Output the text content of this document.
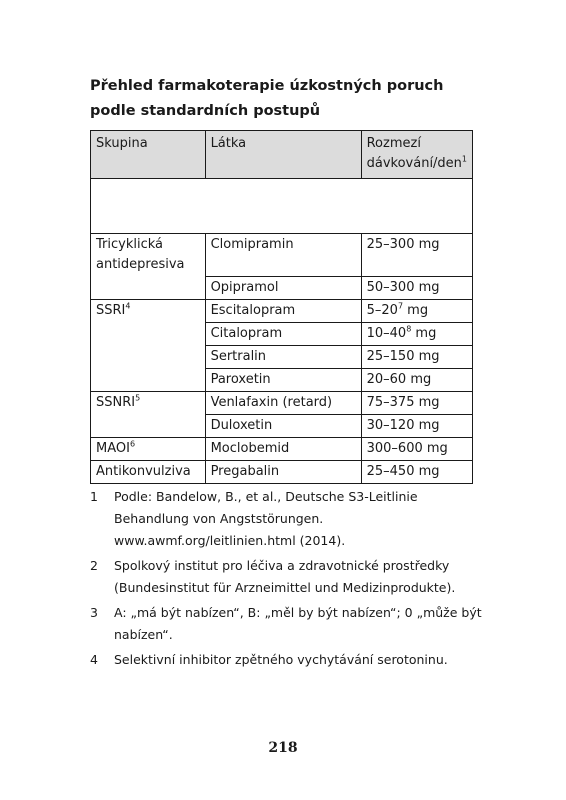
Přehled farmakoterapie úzkostných poruch podle standardních postupů
Skupina	Látka	Rozmezí dávkování/den$^1$

Tricyklická antidepresiva	Clomipramin	25–300 mg
	Opipramol	50–300 mg
SSRI$^4$	Escitalopram	$5-20^7$ mg
	Citalopram	$10-40^8$ mg
	Sertralin	25–150 mg
	Paroxetin	20–60 mg
SSNRI$^5$	Venlafaxin (retard)	75–375 mg
	Duloxetin	30–120 mg
MAOI$^6$	Moclobemid	300–600 mg
Antikonvulziva	Pregabalin	25–450 mg
1	Podle: Bandelow, B., et al., Deutsche S3-Leitlinie Behandlung von Angststörungen. www.awmf.org/leitlinien.html (2014).
2	Spolkový institut pro léčiva a zdravotnické prostředky (Bundesinstitut für Arzneimittel und Medizinprodukte).
3	A: „má být nabízen“, B: „měl by být nabízen“; 0 „může být nabízen“.
4	Selektivní inhibitor zpětného vychytávání serotoninu.
218
